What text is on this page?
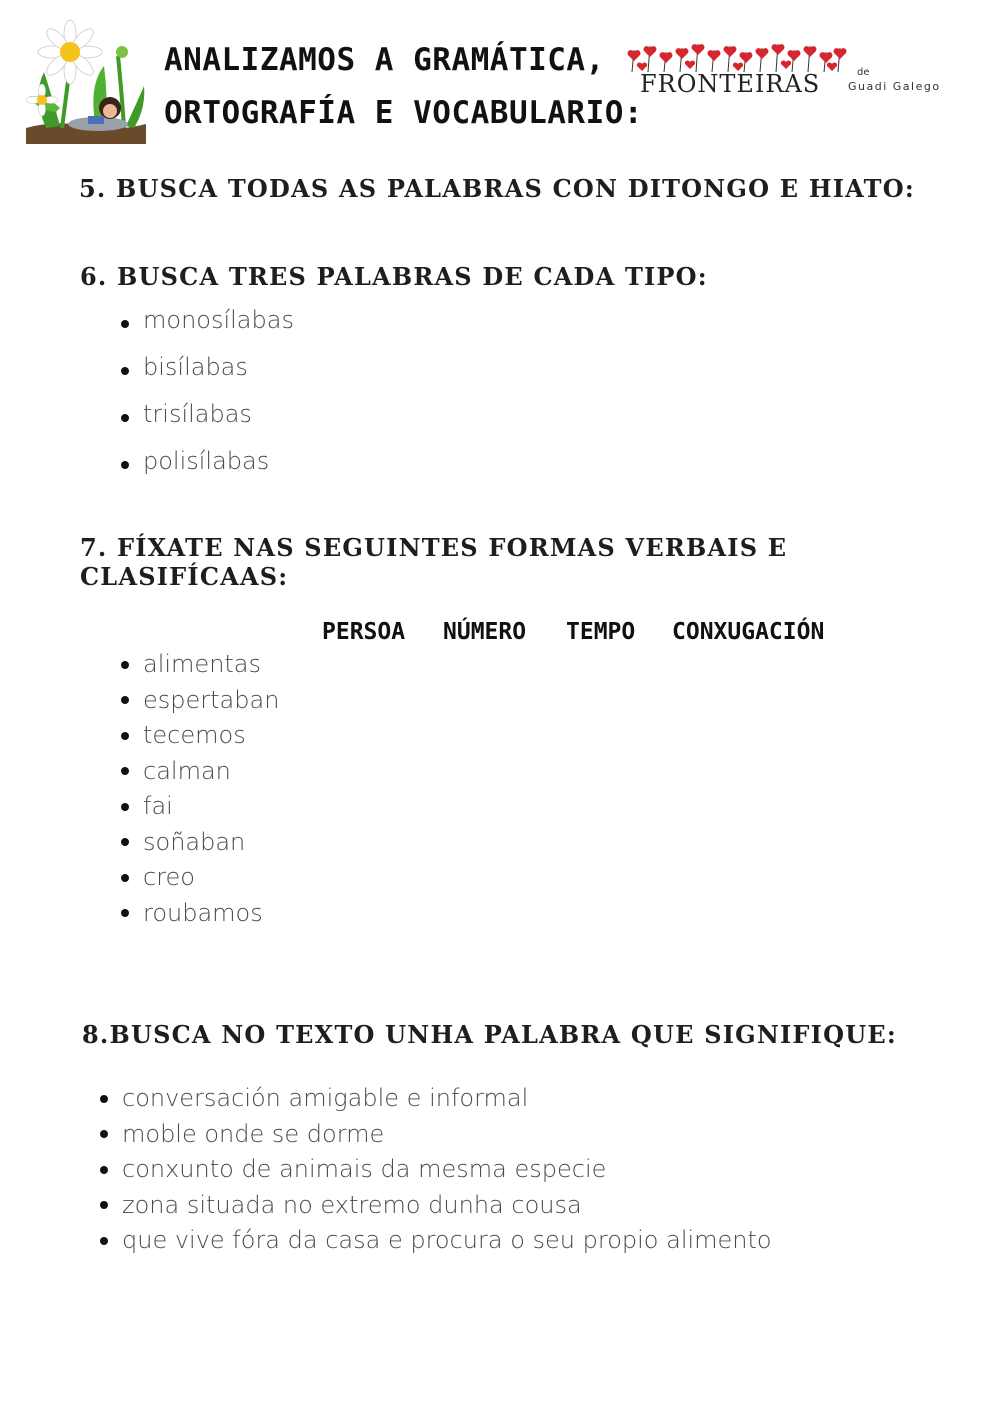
ANALIZAMOS A GRAMÁTICA,
ORTOGRAFÍA E VOCABULARIO:
FRONTEIRAS	de
Guadi Galego
5. BUSCA TODAS AS PALABRAS CON DITONGO E HIATO:
6. BUSCA TRES PALABRAS DE CADA TIPO:
monosílabas
bisílabas
trisílabas
polisílabas
7. FÍXATE NAS SEGUINTES FORMAS VERBAIS E CLASIFÍCAAS:
PERSOA NÚMERO TEMPO CONXUGACIÓN
alimentas
espertaban
tecemos
calman
fai
soñaban
creo
roubamos
8.BUSCA NO TEXTO UNHA PALABRA QUE SIGNIFIQUE:
conversación amigable e informal
moble onde se dorme
conxunto de animais da mesma especie
zona situada no extremo dunha cousa
que vive fóra da casa e procura o seu propio alimento
